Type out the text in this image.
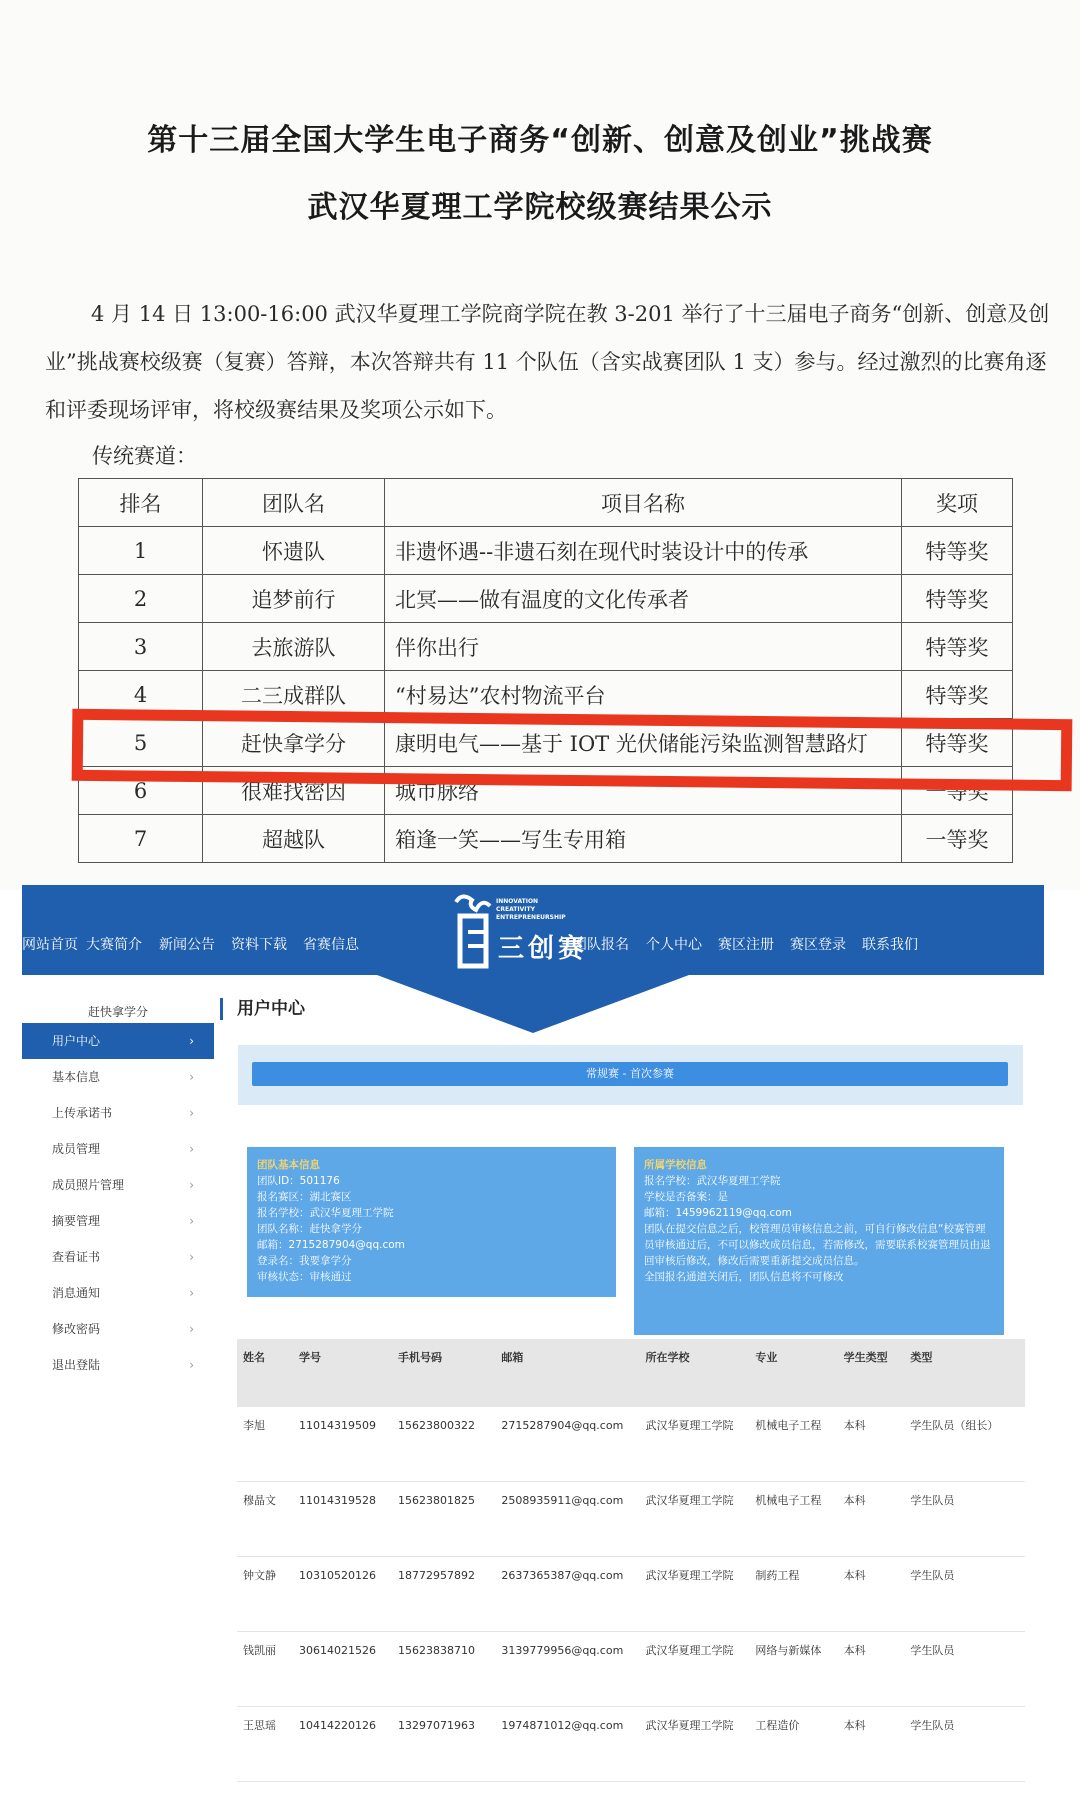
第十三届全国大学生电子商务“创新、创意及创业”挑战赛
武汉华夏理工学院校级赛结果公示
4 月 14 日 13:00-16:00 武汉华夏理工学院商学院在教 3-201 举行了十三届电子商务“创新、创意及创业”挑战赛校级赛（复赛）答辩，本次答辩共有 11 个队伍（含实战赛团队 1 支）参与。经过激烈的比赛角逐和评委现场评审，将校级赛结果及奖项公示如下。
传统赛道：
排名	团队名	项目名称	奖项
1	怀遗队	非遗怀遇--非遗石刻在现代时装设计中的传承	特等奖
2	追梦前行	北冥——做有温度的文化传承者	特等奖
3	去旅游队	伴你出行	特等奖
4	二三成群队	“村易达”农村物流平台	特等奖
5	赶快拿学分	康明电气——基于 IOT 光伏储能污染监测智慧路灯	特等奖
6	很难找密因	城市脉络	一等奖
7	超越队	箱逢一笑——写生专用箱	一等奖
网站首页 大赛简介 新闻公告 资料下载 省赛信息
INNOVATION
CREATIVITY
ENTREPRENEURSHIP
三创赛
团队报名 个人中心 赛区注册 赛区登录 联系我们
赶快拿学分
用户中心	›
基本信息	›
上传承诺书	›
成员管理	›
成员照片管理	›
摘要管理	›
查看证书	›
消息通知	›
修改密码	›
退出登陆	›
用户中心
常规赛 - 首次参赛
团队基本信息
团队ID：501176
报名赛区：湖北赛区
报名学校：武汉华夏理工学院
团队名称：赶快拿学分
邮箱：2715287904@qq.com
登录名：我要拿学分
审核状态：审核通过
所属学校信息
报名学校：武汉华夏理工学院
学校是否备案：是
邮箱：1459962119@qq.com
团队在提交信息之后，校管理员审核信息之前，可自行修改信息“校赛管理员审核通过后，不可以修改成员信息，若需修改，需要联系校赛管理员由退回审核后修改，修改后需要重新提交成员信息。
全国报名通道关闭后，团队信息将不可修改
姓名	学号	手机号码	邮箱	所在学校	专业	学生类型	类型
李旭	11014319509	15623800322	2715287904@qq.com	武汉华夏理工学院	机械电子工程	本科	学生队员（组长）
穆晶文	11014319528	15623801825	2508935911@qq.com	武汉华夏理工学院	机械电子工程	本科	学生队员
钟文静	10310520126	18772957892	2637365387@qq.com	武汉华夏理工学院	制药工程	本科	学生队员
钱凯丽	30614021526	15623838710	3139779956@qq.com	武汉华夏理工学院	网络与新媒体	本科	学生队员
王思瑶	10414220126	13297071963	1974871012@qq.com	武汉华夏理工学院	工程造价	本科	学生队员
